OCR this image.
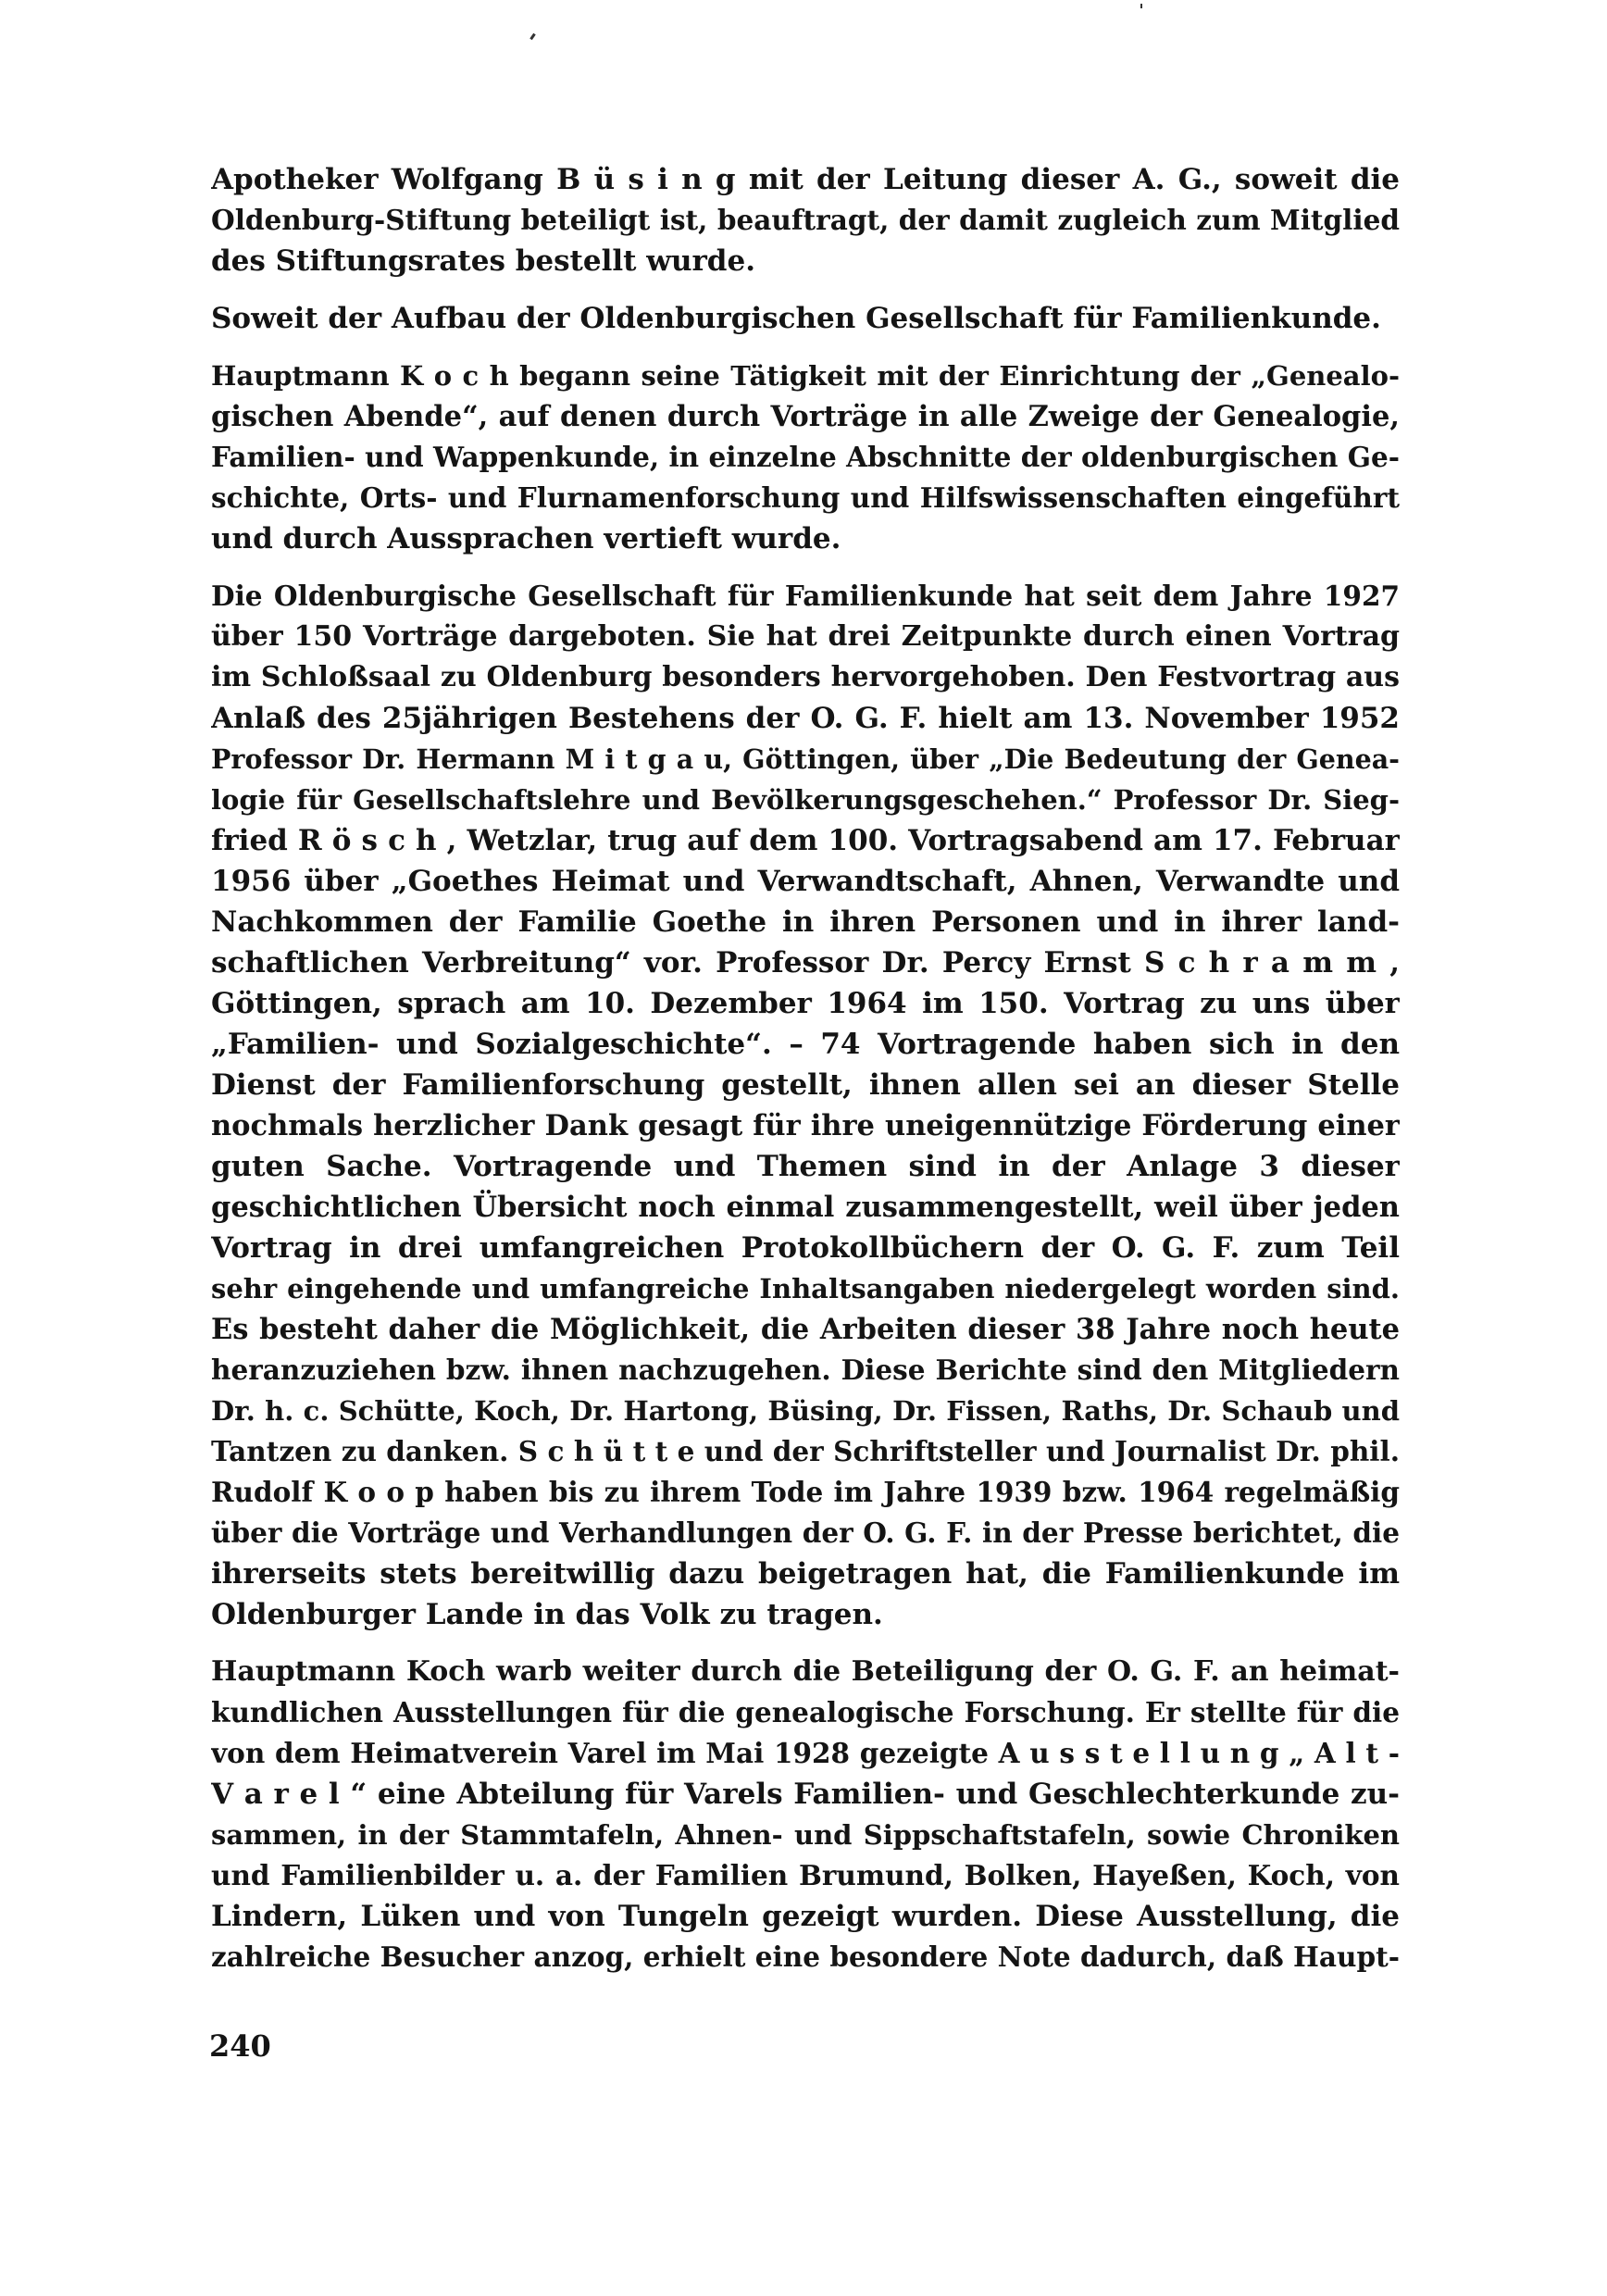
Apotheker Wolfgang B ü s i n g mit der Leitung dieser A. G., soweit die
Oldenburg-Stiftung beteiligt ist, beauftragt, der damit zugleich zum Mitglied
des Stiftungsrates bestellt wurde.
Soweit der Aufbau der Oldenburgischen Gesellschaft für Familienkunde.
Hauptmann K o c h begann seine Tätigkeit mit der Einrichtung der „Genealo-
gischen Abende“, auf denen durch Vorträge in alle Zweige der Genealogie,
Familien- und Wappenkunde, in einzelne Abschnitte der oldenburgischen Ge-
schichte, Orts- und Flurnamenforschung und Hilfswissenschaften eingeführt
und durch Aussprachen vertieft wurde.
Die Oldenburgische Gesellschaft für Familienkunde hat seit dem Jahre 1927
über 150 Vorträge dargeboten. Sie hat drei Zeitpunkte durch einen Vortrag
im Schloßsaal zu Oldenburg besonders hervorgehoben. Den Festvortrag aus
Anlaß des 25jährigen Bestehens der O. G. F. hielt am 13. November 1952
Professor Dr. Hermann M i t g a u, Göttingen, über „Die Bedeutung der Genea-
logie für Gesellschaftslehre und Bevölkerungsgeschehen.“ Professor Dr. Sieg-
fried R ö s c h , Wetzlar, trug auf dem 100. Vortragsabend am 17. Februar
1956 über „Goethes Heimat und Verwandtschaft, Ahnen, Verwandte und
Nachkommen der Familie Goethe in ihren Personen und in ihrer land-
schaftlichen Verbreitung“ vor. Professor Dr. Percy Ernst S c h r a m m ,
Göttingen, sprach am 10. Dezember 1964 im 150. Vortrag zu uns über
„Familien- und Sozialgeschichte“. – 74 Vortragende haben sich in den
Dienst der Familienforschung gestellt, ihnen allen sei an dieser Stelle
nochmals herzlicher Dank gesagt für ihre uneigennützige Förderung einer
guten Sache. Vortragende und Themen sind in der Anlage 3 dieser
geschichtlichen Übersicht noch einmal zusammengestellt, weil über jeden
Vortrag in drei umfangreichen Protokollbüchern der O. G. F. zum Teil
sehr eingehende und umfangreiche Inhaltsangaben niedergelegt worden sind.
Es besteht daher die Möglichkeit, die Arbeiten dieser 38 Jahre noch heute
heranzuziehen bzw. ihnen nachzugehen. Diese Berichte sind den Mitgliedern
Dr. h. c. Schütte, Koch, Dr. Hartong, Büsing, Dr. Fissen, Raths, Dr. Schaub und
Tantzen zu danken. S c h ü t t e und der Schriftsteller und Journalist Dr. phil.
Rudolf K o o p haben bis zu ihrem Tode im Jahre 1939 bzw. 1964 regelmäßig
über die Vorträge und Verhandlungen der O. G. F. in der Presse berichtet, die
ihrerseits stets bereitwillig dazu beigetragen hat, die Familienkunde im
Oldenburger Lande in das Volk zu tragen.
Hauptmann Koch warb weiter durch die Beteiligung der O. G. F. an heimat-
kundlichen Ausstellungen für die genealogische Forschung. Er stellte für die
von dem Heimatverein Varel im Mai 1928 gezeigte A u s s t e l l u n g „ A l t -
V a r e l “ eine Abteilung für Varels Familien- und Geschlechterkunde zu-
sammen, in der Stammtafeln, Ahnen- und Sippschaftstafeln, sowie Chroniken
und Familienbilder u. a. der Familien Brumund, Bolken, Hayeßen, Koch, von
Lindern, Lüken und von Tungeln gezeigt wurden. Diese Ausstellung, die
zahlreiche Besucher anzog, erhielt eine besondere Note dadurch, daß Haupt-
240
